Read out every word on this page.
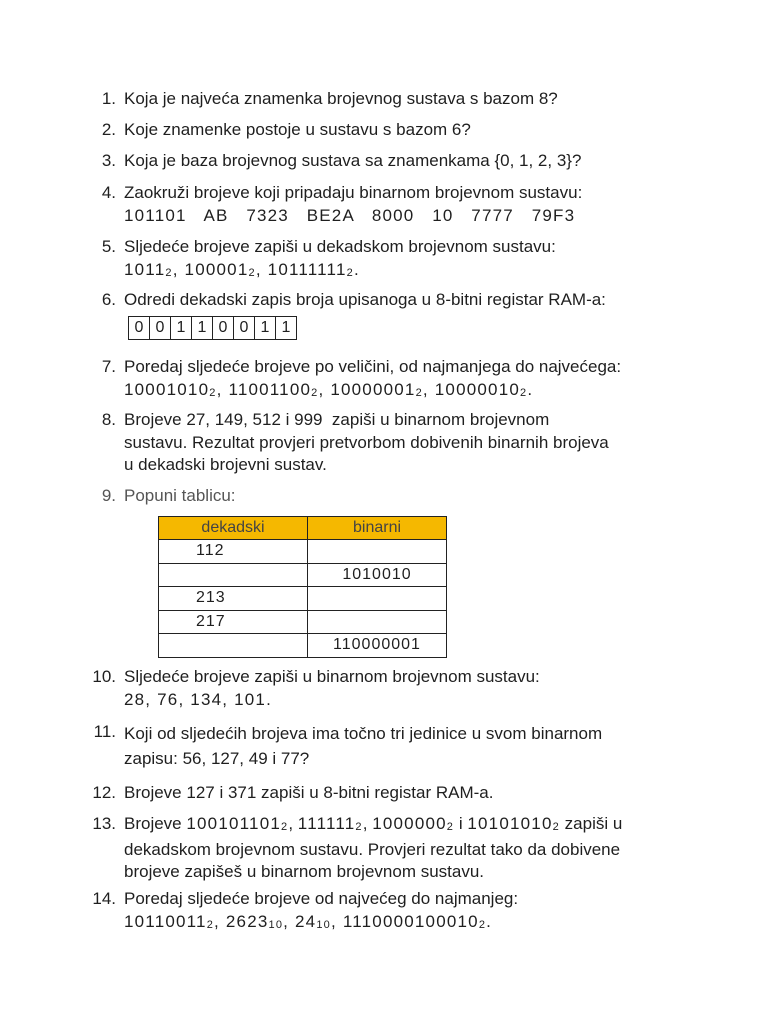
1. Koja je najveća znamenka brojevnog sustava s bazom 8?
2. Koje znamenke postoje u sustavu s bazom 6?
3. Koja je baza brojevnog sustava sa znamenkama {0, 1, 2, 3}?
4. Zaokruži brojeve koji pripadaju binarnom brojevnom sustavu:
101101   AB   7323   BE2A   8000   10   7777   79F3
5. Sljedeće brojeve zapiši u dekadskom brojevnom sustavu:
$1011_2$, $100001_2$, $10111111_2$.
6. Odredi dekadski zapis broja upisanoga u 8-bitni registar RAM-a:
0 0 1 1 0 0 1 1
7. Poredaj sljedeće brojeve po veličini, od najmanjega do najvećega:
$10001010_2$, $11001100_2$, $10000001_2$, $10000010_2$.
8. Brojeve 27, 149, 512 i 999  zapiši u binarnom brojevnom
sustavu. Rezultat provjeri pretvorbom dobivenih binarnih brojeva
u dekadski brojevni sustav.
9. Popuni tablicu:
dekadski	binarni
112	
	1010010
213	
217	
	110000001
10. Sljedeće brojeve zapiši u binarnom brojevnom sustavu:
28, 76, 134, 101.
11. Koji od sljedećih brojeva ima točno tri jedinice u svom binarnom
zapisu: 56, 127, 49 i 77?
12. Brojeve 127 i 371 zapiši u 8-bitni registar RAM-a.
13. Brojeve $100101101_2$, $111111_2$, $1000000_2$ i $10101010_2$ zapiši u
dekadskom brojevnom sustavu. Provjeri rezultat tako da dobivene
brojeve zapišeš u binarnom brojevnom sustavu.
14. Poredaj sljedeće brojeve od najvećeg do najmanjeg:
$10110011_2$, $2623_{10}$, $24_{10}$, $1110000100010_2$.
